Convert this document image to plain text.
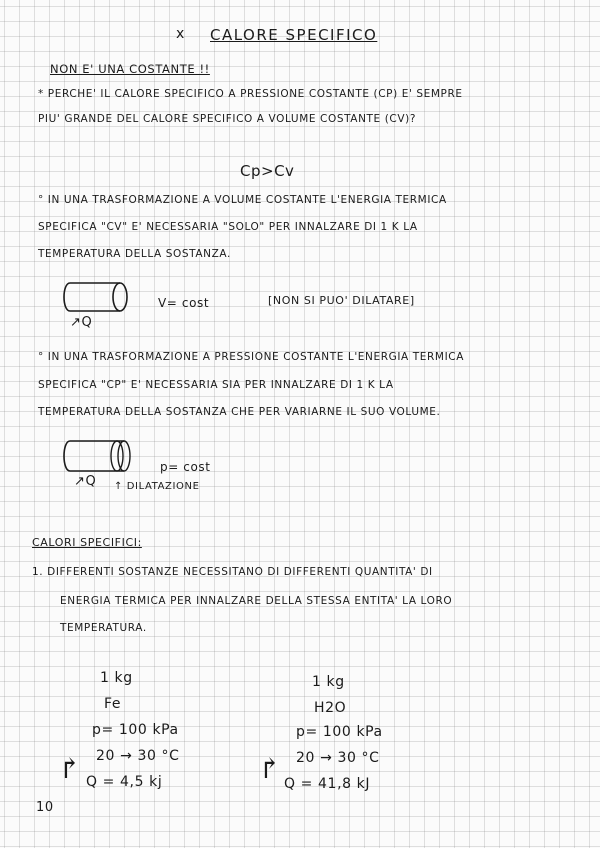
x CALORE SPECIFICO
NON E' UNA COSTANTE !!
* PERCHE' IL CALORE SPECIFICO A PRESSIONE COSTANTE (CP) E' SEMPRE
PIU' GRANDE DEL CALORE SPECIFICO A VOLUME COSTANTE (CV)?
Cp>Cv
° IN UNA TRASFORMAZIONE A VOLUME COSTANTE L'ENERGIA TERMICA
SPECIFICA "CV" E' NECESSARIA "SOLO" PER INNALZARE DI 1 K LA
TEMPERATURA DELLA SOSTANZA.
↗Q
V= cost	[NON SI PUO' DILATARE]
° IN UNA TRASFORMAZIONE A PRESSIONE COSTANTE L'ENERGIA TERMICA
SPECIFICA "CP" E' NECESSARIA SIA PER INNALZARE DI 1 K LA
TEMPERATURA DELLA SOSTANZA CHE PER VARIARNE IL SUO VOLUME.
↗Q ↑ DILATAZIONE
p= cost
CALORI SPECIFICI:
1. DIFFERENTI SOSTANZE NECESSITANO DI DIFFERENTI QUANTITA' DI
ENERGIA TERMICA PER INNALZARE DELLA STESSA ENTITA' LA LORO
TEMPERATURA.
1 kg
Fe
p= 100 kPa
20 → 30 °C
↱ Q = 4,5 kj
1 kg
H2O
p= 100 kPa
20 → 30 °C
↱ Q = 41,8 kJ
10
